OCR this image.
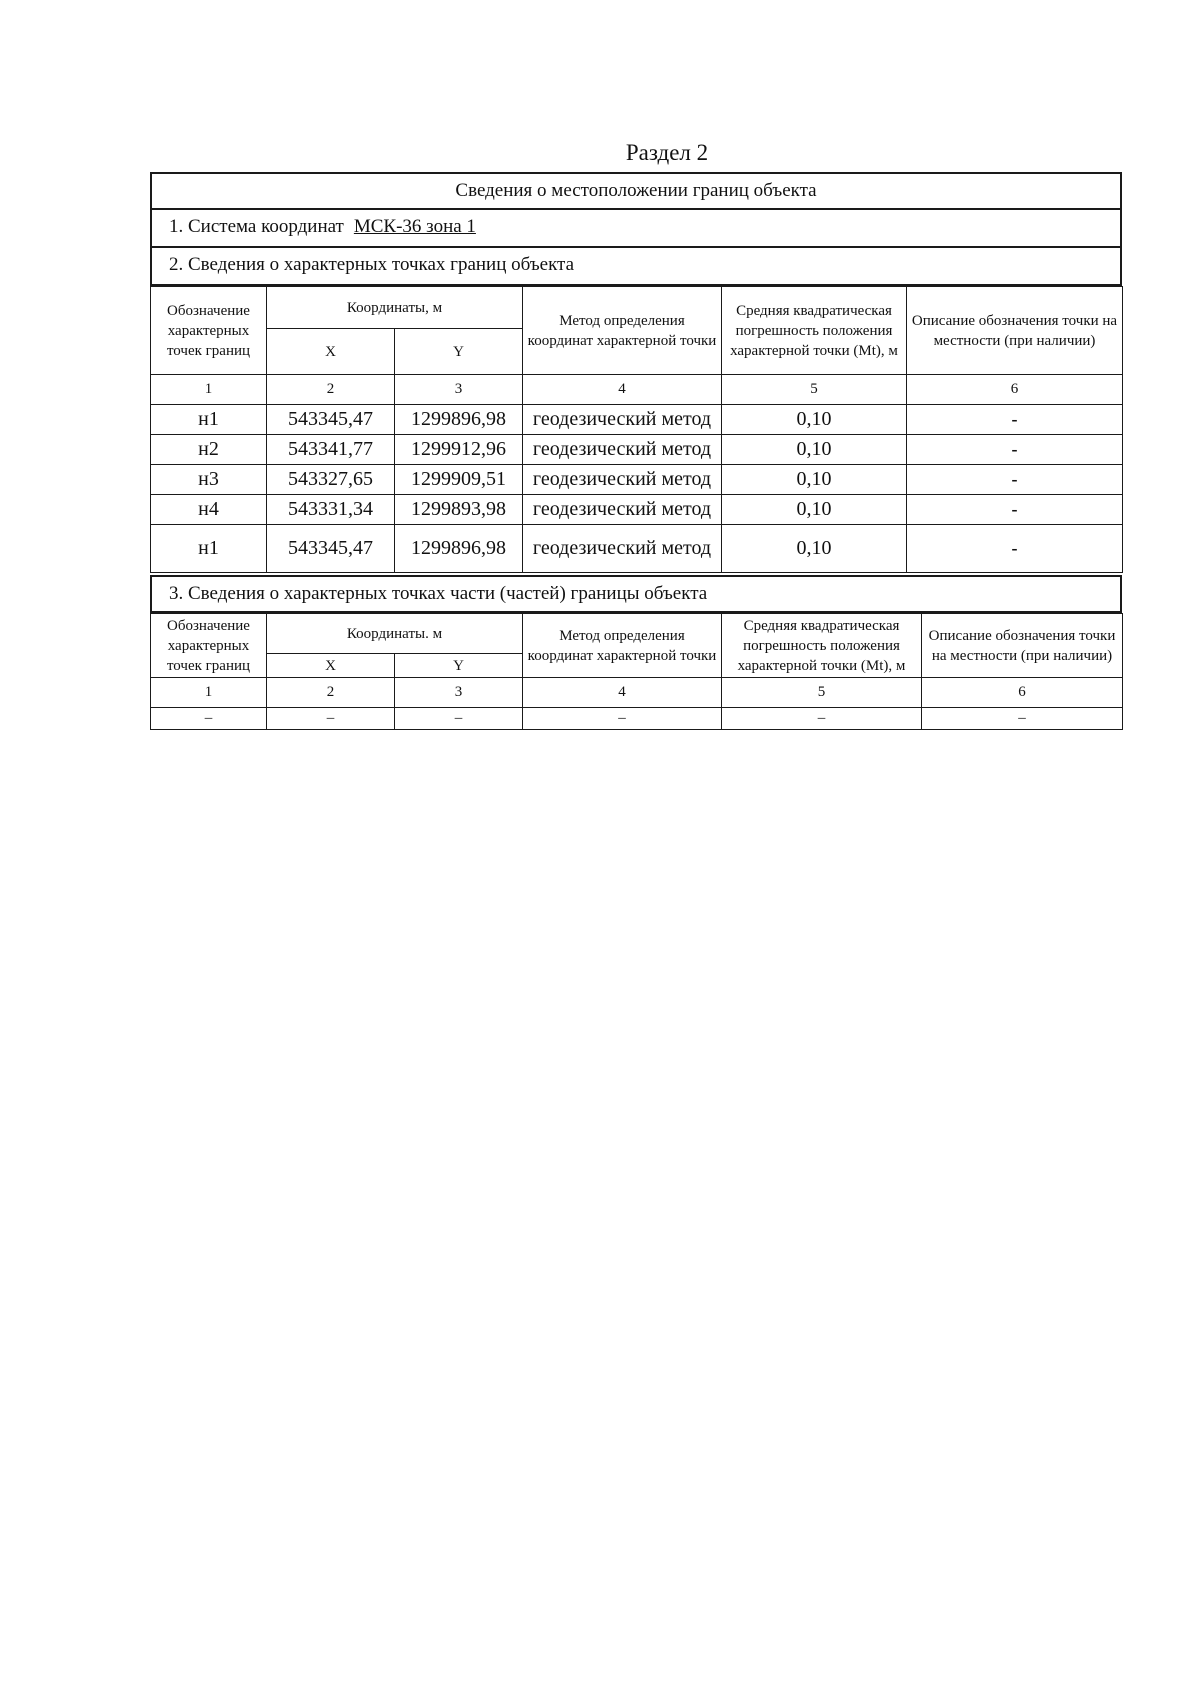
Раздел 2
Сведения о местоположении границ объекта
1. Система координат МСК-36 зона 1
2. Сведения о характерных точках границ объекта
Обозначение характерных точек границ	Координаты, м		Метод определения координат характерной точки	Средняя квадратическая погрешность положения характерной точки (Mt), м	Описание обозначения точки на местности (при наличии)
	X	Y			
1	2	3	4	5	6
н1	543345,47	1299896,98	геодезический метод	0,10	-
н2	543341,77	1299912,96	геодезический метод	0,10	-
н3	543327,65	1299909,51	геодезический метод	0,10	-
н4	543331,34	1299893,98	геодезический метод	0,10	-
н1	543345,47	1299896,98	геодезический метод	0,10	-
3. Сведения о характерных точках части (частей) границы объекта
Обозначение характерных точек границ	Координаты. м		Метод определения координат характерной точки	Средняя квадратическая погрешность положения характерной точки (Mt), м	Описание обозначения точки на местности (при наличии)
	X	Y			
1	2	3	4	5	6
–	–	–	–	–	–
